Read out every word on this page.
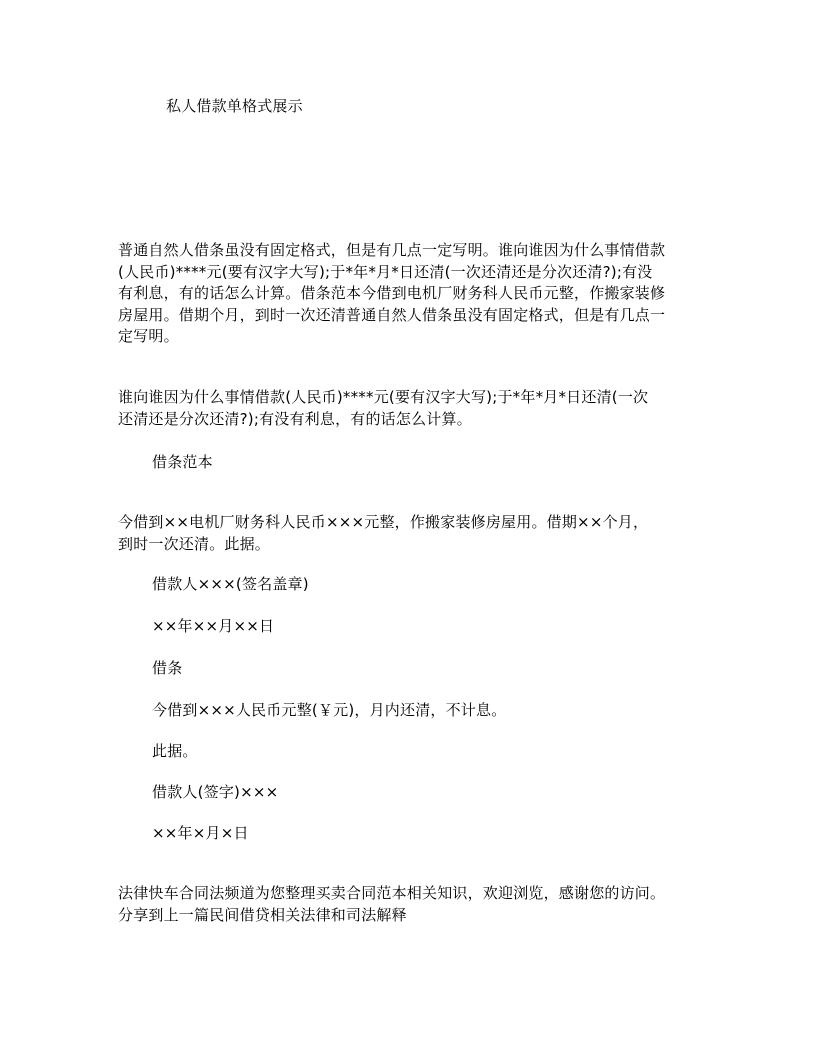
私人借款单格式展示
普通自然人借条虽没有固定格式，但是有几点一定写明。谁向谁因为什么事情借款
(人民币)****元(要有汉字大写);于*年*月*日还清(一次还清还是分次还清?);有没
有利息，有的话怎么计算。借条范本今借到电机厂财务科人民币元整，作搬家装修
房屋用。借期个月，到时一次还清普通自然人借条虽没有固定格式，但是有几点一
定写明。
谁向谁因为什么事情借款(人民币)****元(要有汉字大写);于*年*月*日还清(一次
还清还是分次还清?);有没有利息，有的话怎么计算。
借条范本
今借到××电机厂财务科人民币×××元整，作搬家装修房屋用。借期××个月，
到时一次还清。此据。
借款人×××(签名盖章)
××年××月××日
借条
今借到×××人民币元整(￥元)，月内还清，不计息。
此据。
借款人(签字)×××
××年×月×日
法律快车合同法频道为您整理买卖合同范本相关知识，欢迎浏览，感谢您的访问。
分享到上一篇民间借贷相关法律和司法解释
